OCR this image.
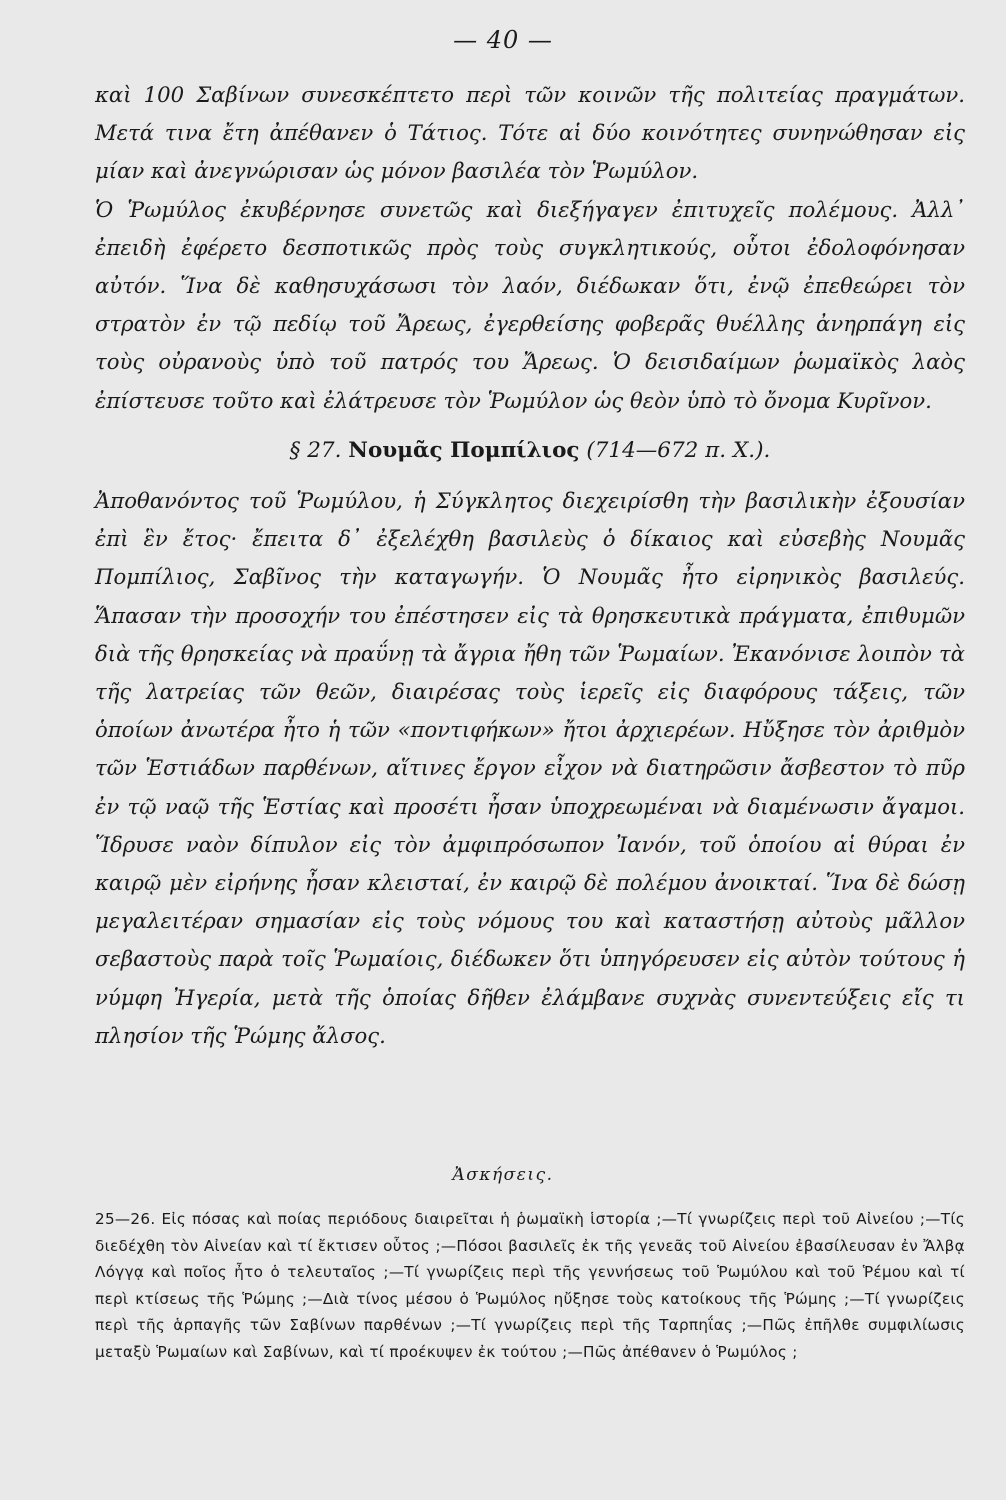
— 40 —

καὶ 100 Σαβίνων συνεσκέπτετο περὶ τῶν κοινῶν τῆς πολιτείας πραγμάτων. Μετά τινα ἔτη ἀπέθανεν ὁ Τάτιος. Τότε αἱ δύο κοινότητες συνηνώθησαν εἰς μίαν καὶ ἀνεγνώρισαν ὡς μόνον βασιλέα τὸν Ῥωμύλον.

Ὁ Ῥωμύλος ἐκυβέρνησε συνετῶς καὶ διεξήγαγεν ἐπιτυχεῖς πολέμους. Ἀλλ᾽ ἐπειδὴ ἐφέρετο δεσποτικῶς πρὸς τοὺς συγκλητικούς, οὗτοι ἐδολοφόνησαν αὐτόν. Ἵνα δὲ καθησυχάσωσι τὸν λαόν, διέδωκαν ὅτι, ἐνῷ ἐπεθεώρει τὸν στρατὸν ἐν τῷ πεδίῳ τοῦ Ἄρεως, ἐγερθείσης φοβερᾶς θυέλλης ἀνηρπάγη εἰς τοὺς οὐρανοὺς ὑπὸ τοῦ πατρός του Ἄρεως. Ὁ δεισιδαίμων ῥωμαϊκὸς λαὸς ἐπίστευσε τοῦτο καὶ ἐλάτρευσε τὸν Ῥωμύλον ὡς θεὸν ὑπὸ τὸ ὄνομα Κυρῖνον.

§ 27. Νουμᾶς Πομπίλιος (714—672 π. Χ.).

Ἀποθανόντος τοῦ Ῥωμύλου, ἡ Σύγκλητος διεχειρίσθη τὴν βασιλικὴν ἐξουσίαν ἐπὶ ἓν ἔτος· ἔπειτα δ᾽ ἐξελέχθη βασιλεὺς ὁ δίκαιος καὶ εὐσεβὴς Νουμᾶς Πομπίλιος, Σαβῖνος τὴν καταγωγήν. Ὁ Νουμᾶς ἦτο εἰρηνικὸς βασιλεύς. Ἅπασαν τὴν προσοχήν του ἐπέστησεν εἰς τὰ θρησκευτικὰ πράγματα, ἐπιθυμῶν διὰ τῆς θρησκείας νὰ πραΰνῃ τὰ ἄγρια ἤθη τῶν Ῥωμαίων. Ἐκανόνισε λοιπὸν τὰ τῆς λατρείας τῶν θεῶν, διαιρέσας τοὺς ἱερεῖς εἰς διαφόρους τάξεις, τῶν ὁποίων ἀνωτέρα ἦτο ἡ τῶν «ποντιφήκων» ἤτοι ἀρχιερέων. Ηὔξησε τὸν ἀριθμὸν τῶν Ἑστιάδων παρθένων, αἵτινες ἔργον εἶχον νὰ διατηρῶσιν ἄσβεστον τὸ πῦρ ἐν τῷ ναῷ τῆς Ἑστίας καὶ προσέτι ἦσαν ὑποχρεωμέναι νὰ διαμένωσιν ἄγαμοι. Ἵδρυσε ναὸν δίπυλον εἰς τὸν ἀμφιπρόσωπον Ἰανόν, τοῦ ὁποίου αἱ θύραι ἐν καιρῷ μὲν εἰρήνης ἦσαν κλεισταί, ἐν καιρῷ δὲ πολέμου ἀνοικταί. Ἵνα δὲ δώσῃ μεγαλειτέραν σημασίαν εἰς τοὺς νόμους του καὶ καταστήσῃ αὐτοὺς μᾶλλον σεβαστοὺς παρὰ τοῖς Ῥωμαίοις, διέδωκεν ὅτι ὑπηγόρευσεν εἰς αὐτὸν τούτους ἡ νύμφη Ἠγερία, μετὰ τῆς ὁποίας δῆθεν ἐλάμβανε συχνὰς συνεντεύξεις εἴς τι πλησίον τῆς Ῥώμης ἄλσος.

Ἀσκήσεις.

25—26. Εἰς πόσας καὶ ποίας περιόδους διαιρεῖται ἡ ῥωμαϊκὴ ἱστορία ;—Τί γνωρίζεις περὶ τοῦ Αἰνείου ;—Τίς διεδέχθη τὸν Αἰνείαν καὶ τί ἔκτισεν οὗτος ;—Πόσοι βασιλεῖς ἐκ τῆς γενεᾶς τοῦ Αἰνείου ἐβασίλευσαν ἐν Ἄλβᾳ Λόγγᾳ καὶ ποῖος ἦτο ὁ τελευταῖος ;—Τί γνωρίζεις περὶ τῆς γεννήσεως τοῦ Ῥωμύλου καὶ τοῦ Ῥέμου καὶ τί περὶ κτίσεως τῆς Ῥώμης ;—Διὰ τίνος μέσου ὁ Ῥωμύλος ηὔξησε τοὺς κατοίκους τῆς Ῥώμης ;—Τί γνωρίζεις περὶ τῆς ἁρπαγῆς τῶν Σαβίνων παρθένων ;—Τί γνωρίζεις περὶ τῆς Ταρπηΐας ;—Πῶς ἐπῆλθε συμφιλίωσις μεταξὺ Ῥωμαίων καὶ Σαβίνων, καὶ τί προέκυψεν ἐκ τούτου ;—Πῶς ἀπέθανεν ὁ Ῥωμύλος ;
